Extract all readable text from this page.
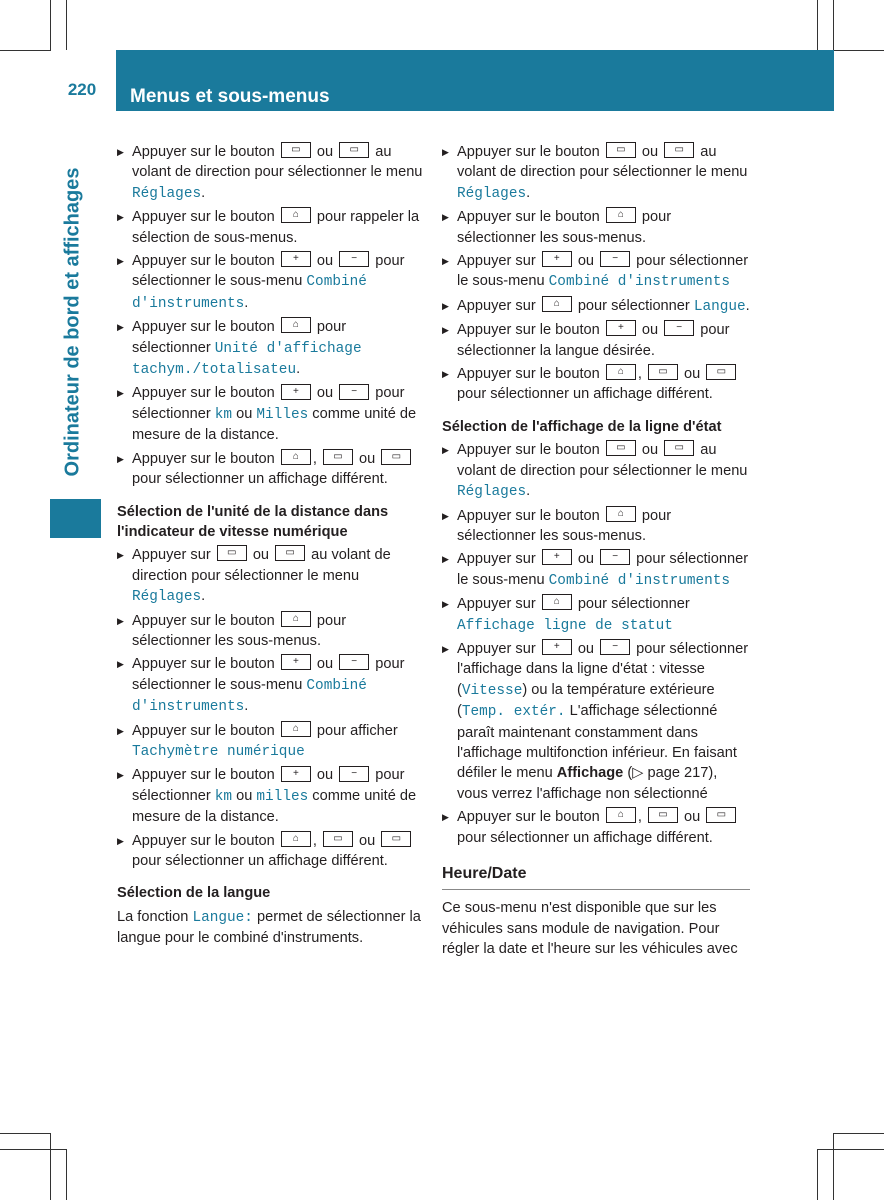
220	Menus et sous-menus
Ordinateur de bord et affichages
▶ Appuyer sur le bouton ▭ ou ▭ au volant de direction pour sélectionner le menu Réglages.
▶ Appuyer sur le bouton ⌂ pour rappeler la sélection de sous-menus.
▶ Appuyer sur le bouton + ou − pour sélectionner le sous-menu Combiné d'instruments.
▶ Appuyer sur le bouton ⌂ pour sélectionner Unité d'affichage tachym./totalisateu.
▶ Appuyer sur le bouton + ou − pour sélectionner km ou Milles comme unité de mesure de la distance.
▶ Appuyer sur le bouton ⌂ , ▭ ou ▭ pour sélectionner un affichage différent.
Sélection de l'unité de la distance dans l'indicateur de vitesse numérique
▶ Appuyer sur ▭ ou ▭ au volant de direction pour sélectionner le menu Réglages.
▶ Appuyer sur le bouton ⌂ pour sélectionner les sous-menus.
▶ Appuyer sur le bouton + ou − pour sélectionner le sous-menu Combiné d'instruments.
▶ Appuyer sur le bouton ⌂ pour afficher Tachymètre numérique
▶ Appuyer sur le bouton + ou − pour sélectionner km ou milles comme unité de mesure de la distance.
▶ Appuyer sur le bouton ⌂ , ▭ ou ▭ pour sélectionner un affichage différent.
Sélection de la langue
La fonction Langue: permet de sélectionner la langue pour le combiné d'instruments.
▶ Appuyer sur le bouton ▭ ou ▭ au volant de direction pour sélectionner le menu Réglages.
▶ Appuyer sur le bouton ⌂ pour sélectionner les sous-menus.
▶ Appuyer sur + ou − pour sélectionner le sous-menu Combiné d'instruments
▶ Appuyer sur ⌂ pour sélectionner Langue.
▶ Appuyer sur le bouton + ou − pour sélectionner la langue désirée.
▶ Appuyer sur le bouton ⌂ , ▭ ou ▭ pour sélectionner un affichage différent.
Sélection de l'affichage de la ligne d'état
▶ Appuyer sur le bouton ▭ ou ▭ au volant de direction pour sélectionner le menu Réglages.
▶ Appuyer sur le bouton ⌂ pour sélectionner les sous-menus.
▶ Appuyer sur + ou − pour sélectionner le sous-menu Combiné d'instruments
▶ Appuyer sur ⌂ pour sélectionner Affichage ligne de statut
▶ Appuyer sur + ou − pour sélectionner l'affichage dans la ligne d'état : vitesse (Vitesse) ou la température extérieure (Temp. extér. L'affichage sélectionné paraît maintenant constamment dans l'affichage multifonction inférieur. En faisant défiler le menu Affichage (▷ page 217), vous verrez l'affichage non sélectionné
▶ Appuyer sur le bouton ⌂ , ▭ ou ▭ pour sélectionner un affichage différent.
Heure/Date
Ce sous-menu n'est disponible que sur les véhicules sans module de navigation. Pour régler la date et l'heure sur les véhicules avec
